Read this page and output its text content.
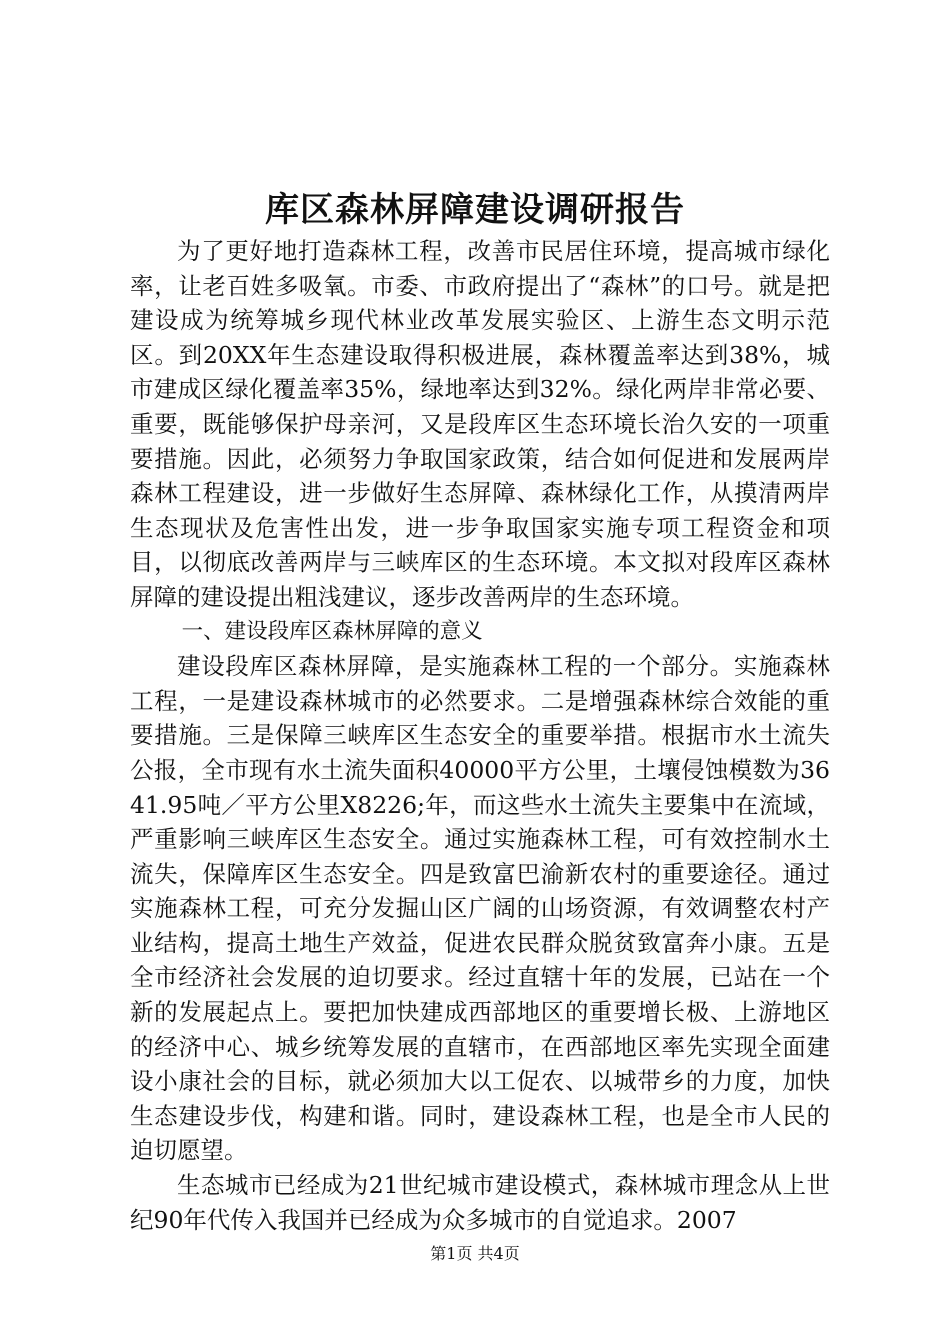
库区森林屏障建设调研报告

为了更好地打造森林工程，改善市民居住环境，提高城市绿化率，让老百姓多吸氧。市委、市政府提出了“森林”的口号。就是把建设成为统筹城乡现代林业改革发展实验区、上游生态文明示范区。到20XX年生态建设取得积极进展，森林覆盖率达到38%，城市建成区绿化覆盖率35%，绿地率达到32%。绿化两岸非常必要、重要，既能够保护母亲河，又是段库区生态环境长治久安的一项重要措施。因此，必须努力争取国家政策，结合如何促进和发展两岸森林工程建设，进一步做好生态屏障、森林绿化工作，从摸清两岸生态现状及危害性出发，进一步争取国家实施专项工程资金和项目，以彻底改善两岸与三峡库区的生态环境。本文拟对段库区森林屏障的建设提出粗浅建议，逐步改善两岸的生态环境。

一、建设段库区森林屏障的意义

建设段库区森林屏障，是实施森林工程的一个部分。实施森林工程，一是建设森林城市的必然要求。二是增强森林综合效能的重要措施。三是保障三峡库区生态安全的重要举措。根据市水土流失公报，全市现有水土流失面积40000平方公里，土壤侵蚀模数为3641.95吨／平方公里X8226;年，而这些水土流失主要集中在流域，严重影响三峡库区生态安全。通过实施森林工程，可有效控制水土流失，保障库区生态安全。四是致富巴渝新农村的重要途径。通过实施森林工程，可充分发掘山区广阔的山场资源，有效调整农村产业结构，提高土地生产效益，促进农民群众脱贫致富奔小康。五是全市经济社会发展的迫切要求。经过直辖十年的发展，已站在一个新的发展起点上。要把加快建成西部地区的重要增长极、上游地区的经济中心、城乡统筹发展的直辖市，在西部地区率先实现全面建设小康社会的目标，就必须加大以工促农、以城带乡的力度，加快生态建设步伐，构建和谐。同时，建设森林工程，也是全市人民的迫切愿望。

生态城市已经成为21世纪城市建设模式，森林城市理念从上世纪90年代传入我国并已经成为众多城市的自觉追求。2007

第1页 共4页
